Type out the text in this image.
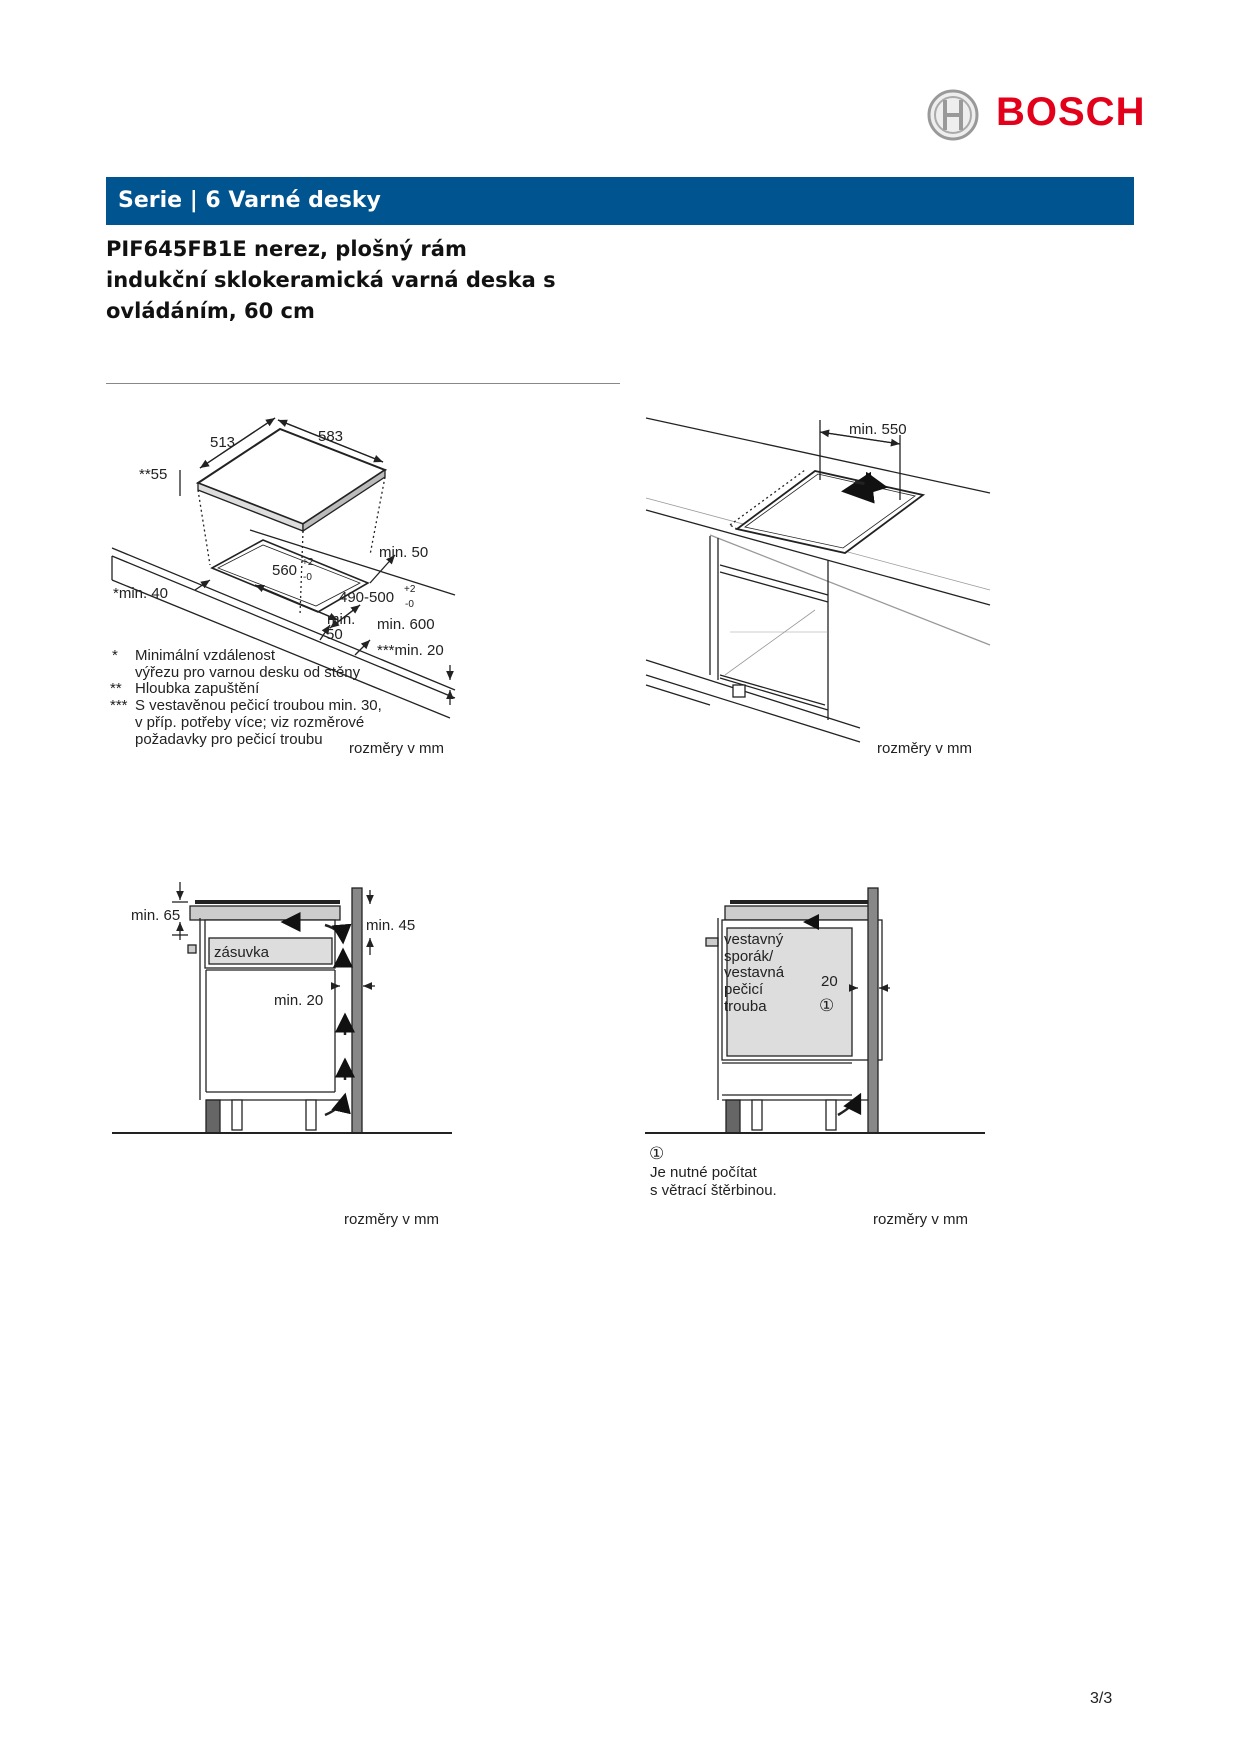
BOSCH
Serie | 6 Varné desky
PIF645FB1E nerez, plošný rám
indukční sklokeramická varná deska s
ovládáním, 60 cm
513	583
**55
560 +2
-0
490-500 +2
-0
min. 50
*min. 40
min.
50
min. 600
***min. 20
* Minimální vzdálenost
výřezu pro varnou desku od stěny
** Hloubka zapuštění
*** S vestavěnou pečicí troubou min. 30,
v příp. potřeby více; viz rozměrové
požadavky pro pečicí troubu
rozměry v mm
min. 550
rozměry v mm
min. 65
min. 45
zásuvka
min. 20
rozměry v mm
vestavný
sporák/
vestavná
pečicí
trouba
20
①
①
Je nutné počítat
s větrací štěrbinou.
rozměry v mm
3/3
